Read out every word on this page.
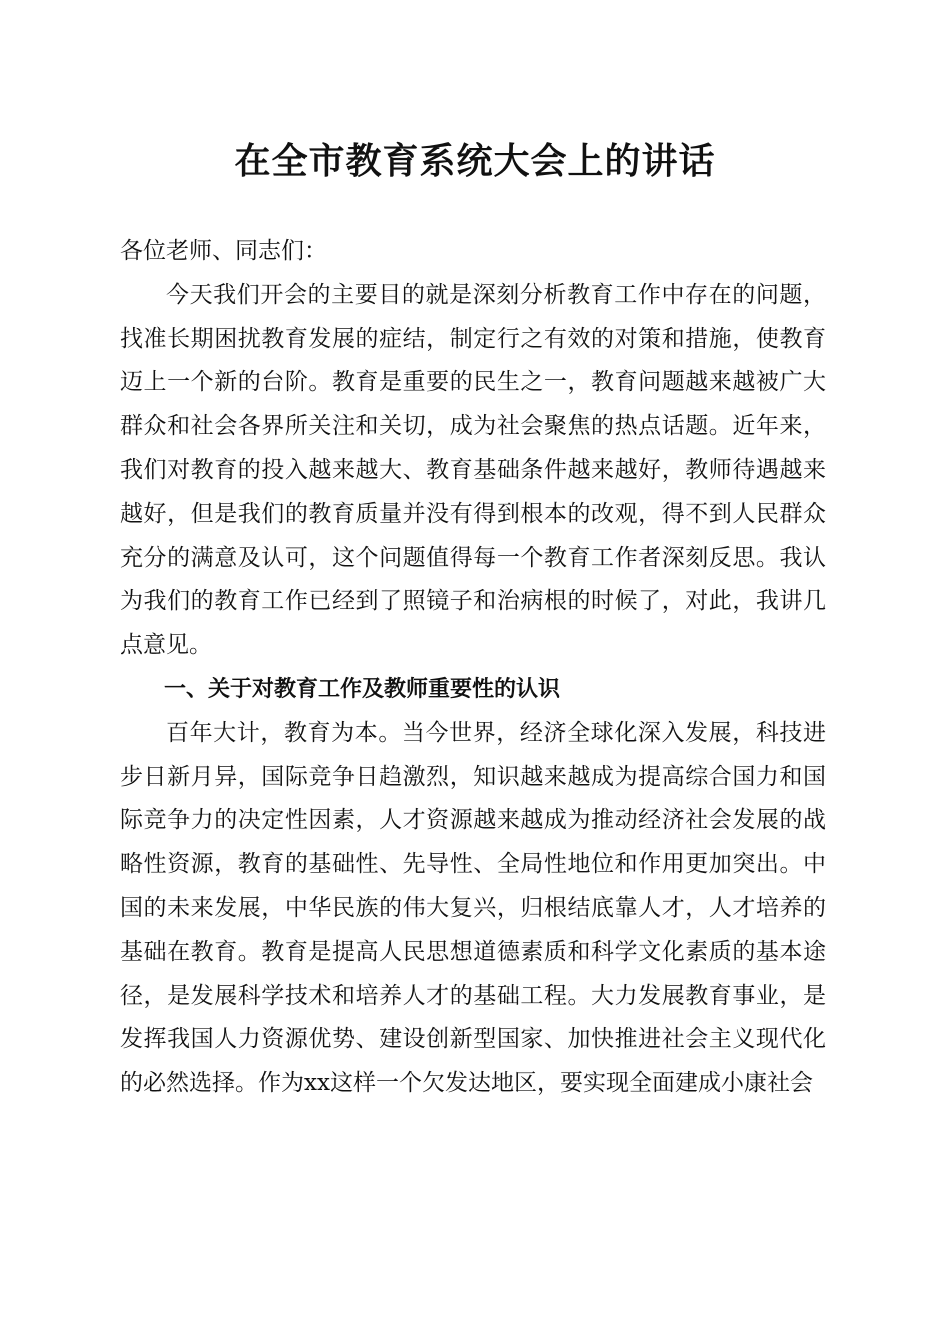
在全市教育系统大会上的讲话

各位老师、同志们：

今天我们开会的主要目的就是深刻分析教育工作中存在的问题，找准长期困扰教育发展的症结，制定行之有效的对策和措施，使教育迈上一个新的台阶。教育是重要的民生之一，教育问题越来越被广大群众和社会各界所关注和关切，成为社会聚焦的热点话题。近年来，我们对教育的投入越来越大、教育基础条件越来越好，教师待遇越来越好，但是我们的教育质量并没有得到根本的改观，得不到人民群众充分的满意及认可，这个问题值得每一个教育工作者深刻反思。我认为我们的教育工作已经到了照镜子和治病根的时候了，对此，我讲几点意见。

一、关于对教育工作及教师重要性的认识

百年大计，教育为本。当今世界，经济全球化深入发展，科技进步日新月异，国际竞争日趋激烈，知识越来越成为提高综合国力和国际竞争力的决定性因素，人才资源越来越成为推动经济社会发展的战略性资源，教育的基础性、先导性、全局性地位和作用更加突出。中国的未来发展，中华民族的伟大复兴，归根结底靠人才，人才培养的基础在教育。教育是提高人民思想道德素质和科学文化素质的基本途径，是发展科学技术和培养人才的基础工程。大力发展教育事业，是发挥我国人力资源优势、建设创新型国家、加快推进社会主义现代化的必然选择。作为xx这样一个欠发达地区，要实现全面建成小康社会
